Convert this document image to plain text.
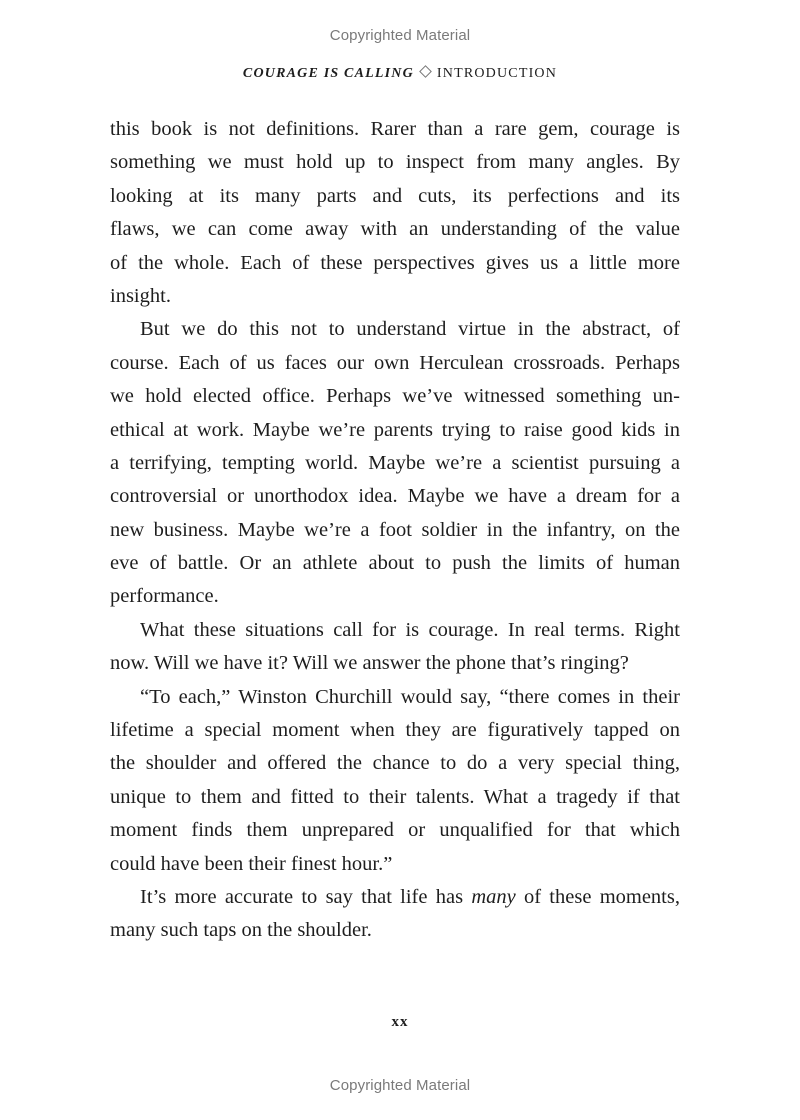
Copyrighted Material
COURAGE IS CALLING INTRODUCTION
this book is not definitions. Rarer than a rare gem, courage is
something we must hold up to inspect from many angles. By
looking at its many parts and cuts, its perfections and its
flaws, we can come away with an understanding of the value
of the whole. Each of these perspectives gives us a little more
insight.
But we do this not to understand virtue in the abstract, of
course. Each of us faces our own Herculean crossroads. Perhaps
we hold elected office. Perhaps we’ve witnessed something un-
ethical at work. Maybe we’re parents trying to raise good kids in
a terrifying, tempting world. Maybe we’re a scientist pursuing a
controversial or unorthodox idea. Maybe we have a dream for a
new business. Maybe we’re a foot soldier in the infantry, on the
eve of battle. Or an athlete about to push the limits of human
performance.
What these situations call for is courage. In real terms. Right
now. Will we have it? Will we answer the phone that’s ringing?
“To each,” Winston Churchill would say, “there comes in their
lifetime a special moment when they are figuratively tapped on
the shoulder and offered the chance to do a very special thing,
unique to them and fitted to their talents. What a tragedy if that
moment finds them unprepared or unqualified for that which
could have been their finest hour.”
It’s more accurate to say that life has many of these moments,
many such taps on the shoulder.
xx
Copyrighted Material
